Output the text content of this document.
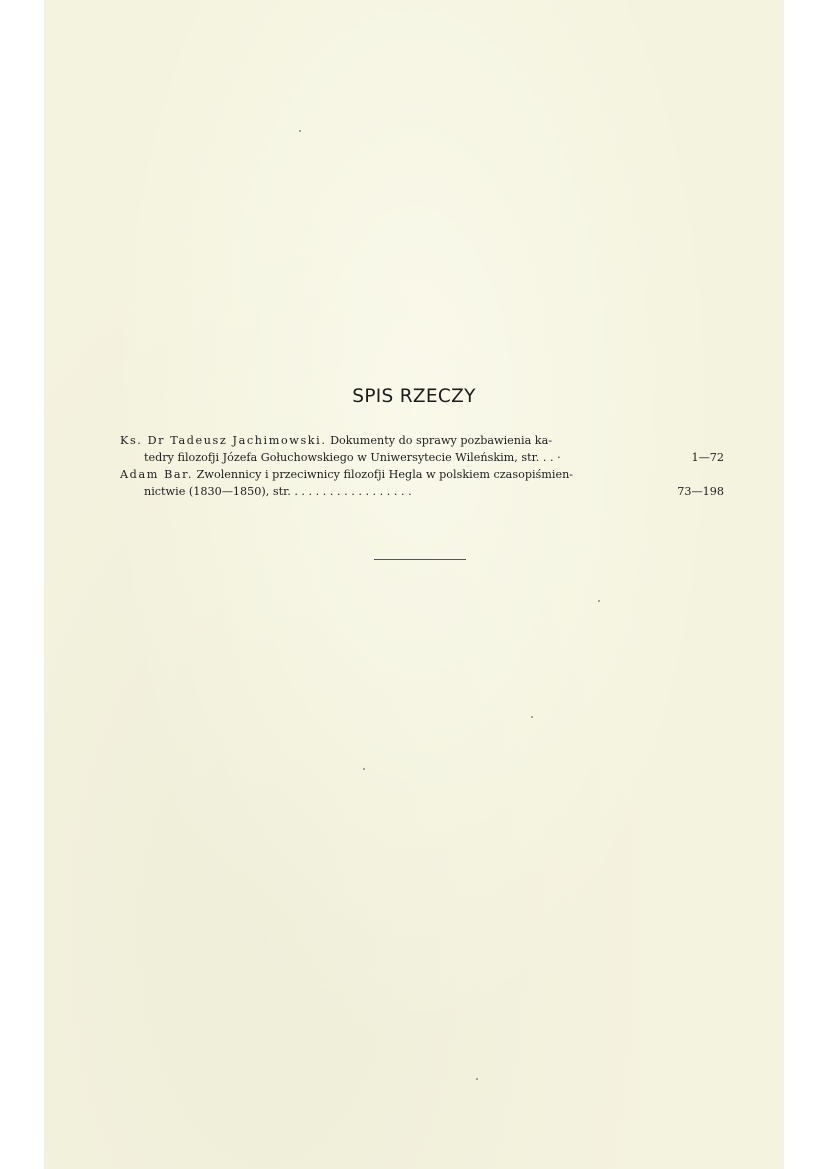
SPIS RZECZY
Ks. Dr Tadeusz Jachimowski. Dokumenty do sprawy pozbawienia ka-
tedry filozofji Józefa Gołuchowskiego w Uniwersytecie Wileńskim, str. . . ·	1—72
Adam Bar. Zwolennicy i przeciwnicy filozofji Hegla w polskiem czasopiśmien-
nictwie (1830—1850), str. . . . . . . . . . . . . . . . . .	73—198
